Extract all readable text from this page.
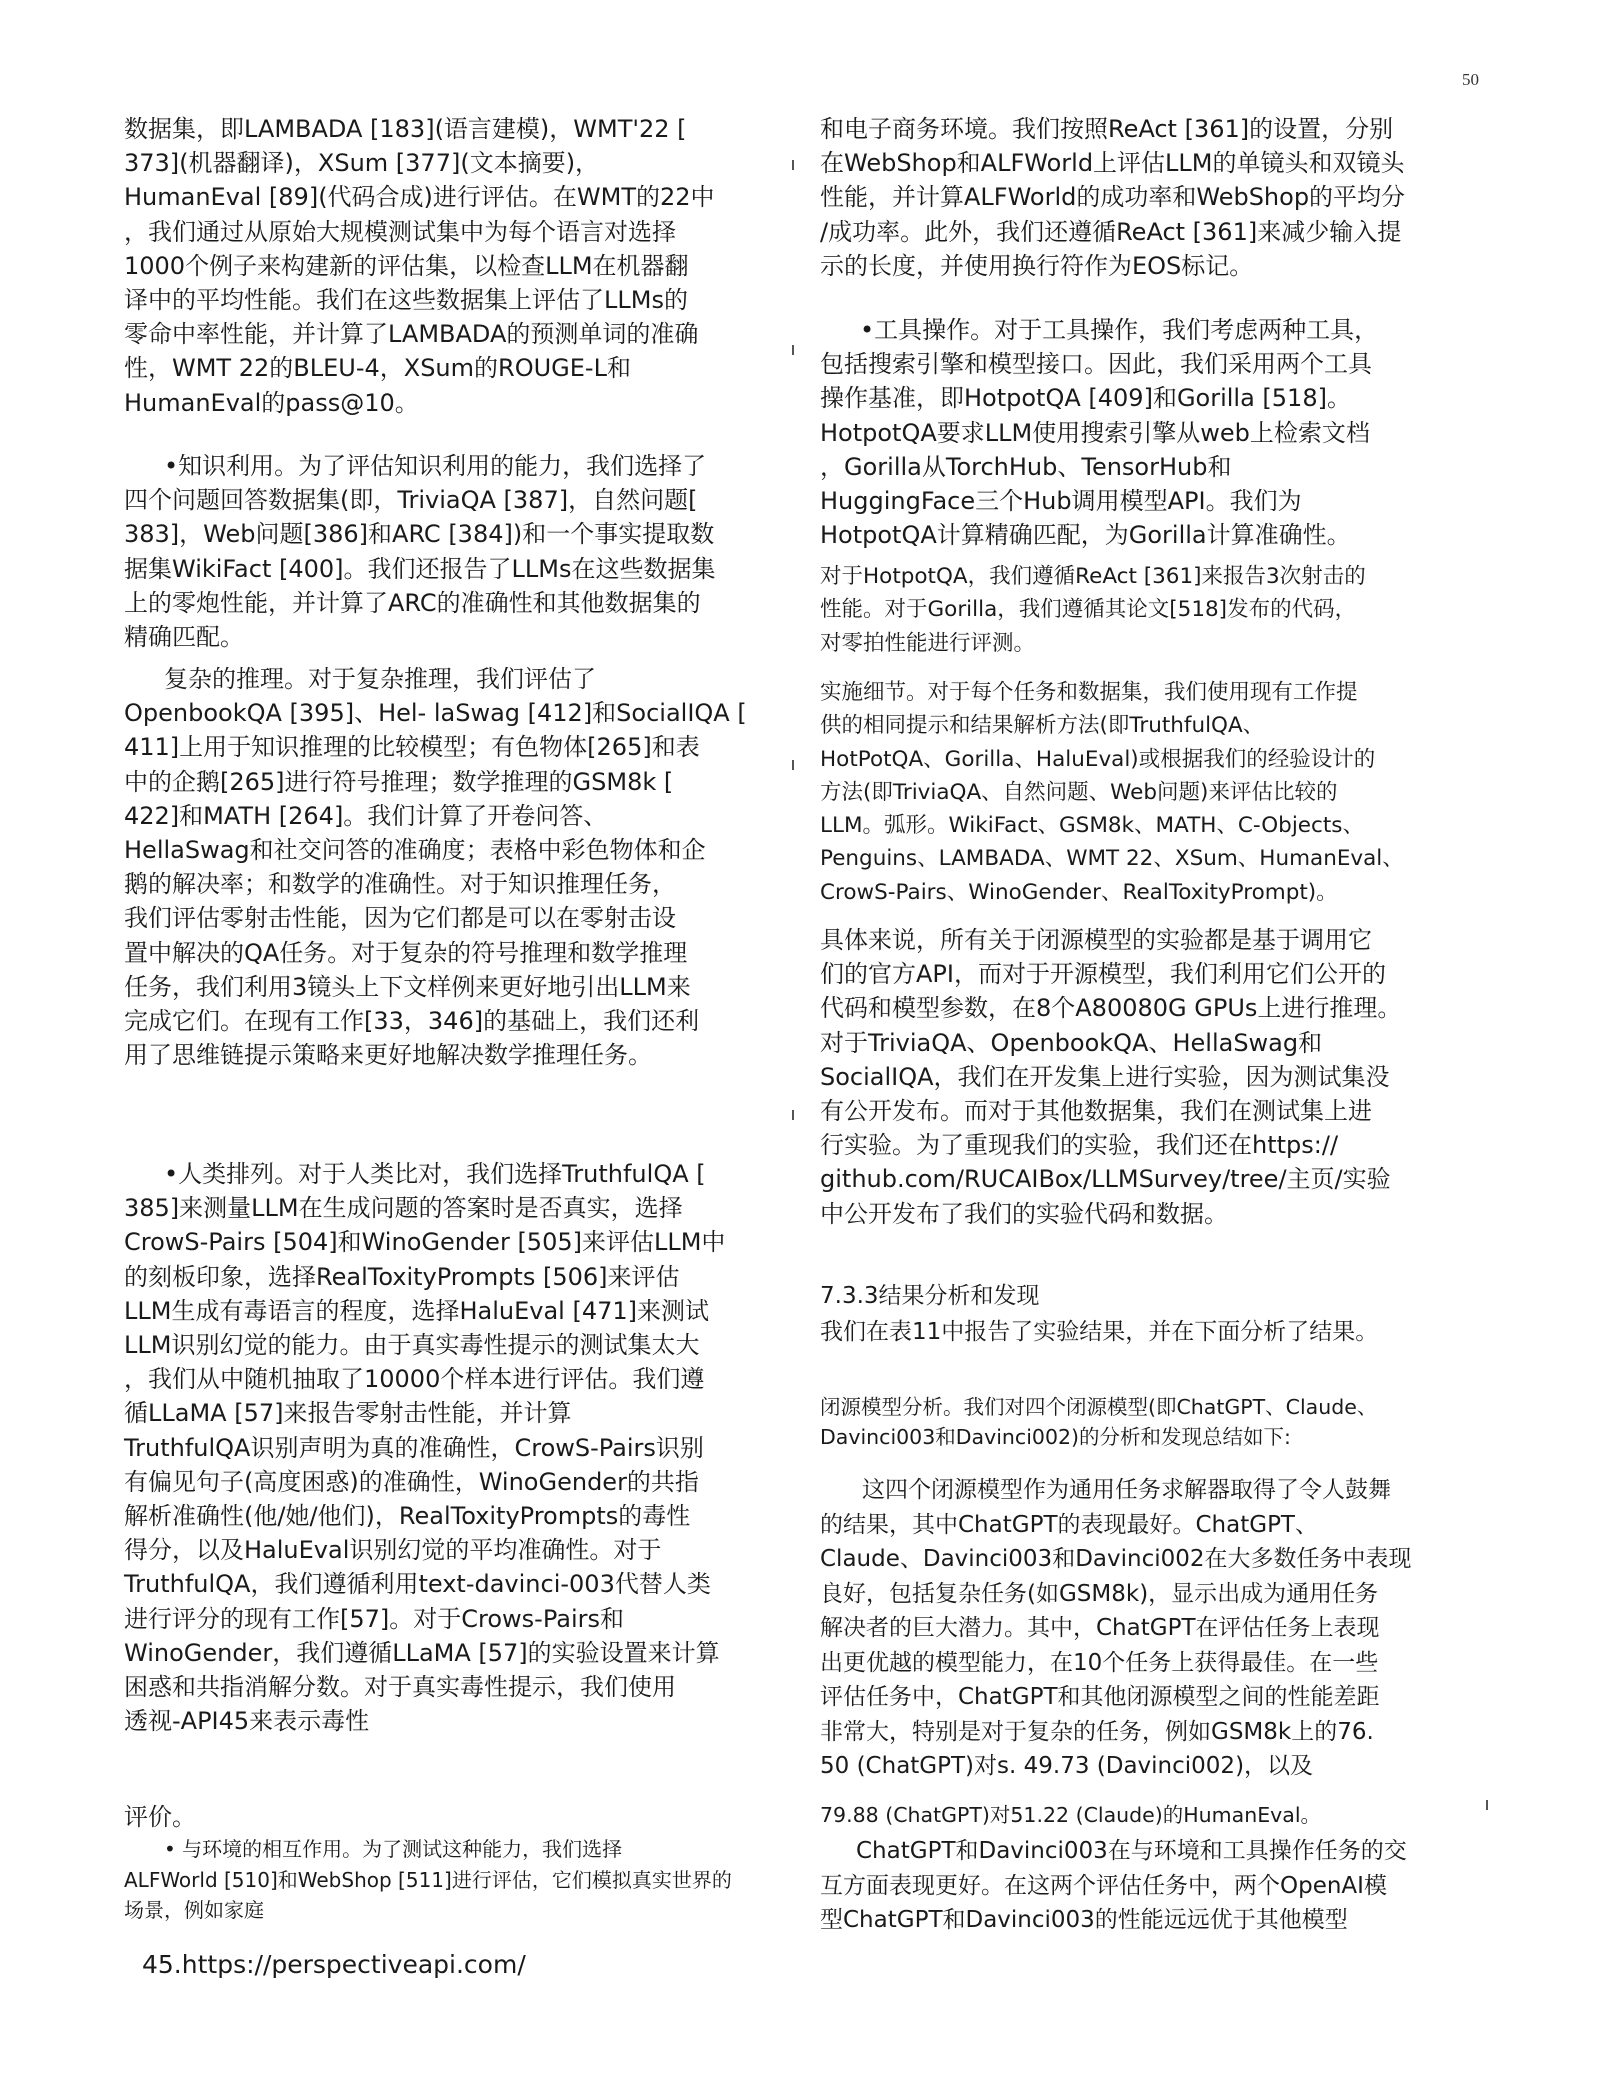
50

数据集，即LAMBADA [183](语言建模)，WMT'22 [

373](机器翻译)，XSum [377](文本摘要)，

HumanEval [89](代码合成)进行评估。在WMT的22中

，我们通过从原始大规模测试集中为每个语言对选择

1000个例子来构建新的评估集，以检查LLM在机器翻

译中的平均性能。我们在这些数据集上评估了LLMs的

零命中率性能，并计算了LAMBADA的预测单词的准确

性，WMT 22的BLEU-4，XSum的ROUGE-L和

HumanEval的pass@10。

•知识利用。为了评估知识利用的能力，我们选择了

四个问题回答数据集(即，TriviaQA [387]，自然问题[

383]，Web问题[386]和ARC [384])和一个事实提取数

据集WikiFact [400]。我们还报告了LLMs在这些数据集

上的零炮性能，并计算了ARC的准确性和其他数据集的

精确匹配。

复杂的推理。对于复杂推理，我们评估了

OpenbookQA [395]、Hel- laSwag [412]和SocialIQA [

411]上用于知识推理的比较模型；有色物体[265]和表

中的企鹅[265]进行符号推理；数学推理的GSM8k [

422]和MATH [264]。我们计算了开卷问答、

HellaSwag和社交问答的准确度；表格中彩色物体和企

鹅的解决率；和数学的准确性。对于知识推理任务，

我们评估零射击性能，因为它们都是可以在零射击设

置中解决的QA任务。对于复杂的符号推理和数学推理

任务，我们利用3镜头上下文样例来更好地引出LLM来

完成它们。在现有工作[33，346]的基础上，我们还利

用了思维链提示策略来更好地解决数学推理任务。

•人类排列。对于人类比对，我们选择TruthfulQA [

385]来测量LLM在生成问题的答案时是否真实，选择

CrowS-Pairs [504]和WinoGender [505]来评估LLM中

的刻板印象，选择RealToxityPrompts [506]来评估

LLM生成有毒语言的程度，选择HaluEval [471]来测试

LLM识别幻觉的能力。由于真实毒性提示的测试集太大

，我们从中随机抽取了10000个样本进行评估。我们遵

循LLaMA [57]来报告零射击性能，并计算

TruthfulQA识别声明为真的准确性，CrowS-Pairs识别

有偏见句子(高度困惑)的准确性，WinoGender的共指

解析准确性(他/她/他们)，RealToxityPrompts的毒性

得分，以及HaluEval识别幻觉的平均准确性。对于

TruthfulQA，我们遵循利用text-davinci-003代替人类

进行评分的现有工作[57]。对于Crows-Pairs和

WinoGender，我们遵循LLaMA [57]的实验设置来计算

困惑和共指消解分数。对于真实毒性提示，我们使用

透视-API45来表示毒性

评价。

• 与环境的相互作用。为了测试这种能力，我们选择

ALFWorld [510]和WebShop [511]进行评估，它们模拟真实世界的

场景，例如家庭

45.https://perspectiveapi.com/

和电子商务环境。我们按照ReAct [361]的设置，分别

在WebShop和ALFWorld上评估LLM的单镜头和双镜头

性能，并计算ALFWorld的成功率和WebShop的平均分

/成功率。此外，我们还遵循ReAct [361]来减少输入提

示的长度，并使用换行符作为EOS标记。

•工具操作。对于工具操作，我们考虑两种工具，

包括搜索引擎和模型接口。因此，我们采用两个工具

操作基准，即HotpotQA [409]和Gorilla [518]。

HotpotQA要求LLM使用搜索引擎从web上检索文档

，Gorilla从TorchHub、TensorHub和

HuggingFace三个Hub调用模型API。我们为

HotpotQA计算精确匹配，为Gorilla计算准确性。

对于HotpotQA，我们遵循ReAct [361]来报告3次射击的

性能。对于Gorilla，我们遵循其论文[518]发布的代码，

对零拍性能进行评测。

实施细节。对于每个任务和数据集，我们使用现有工作提

供的相同提示和结果解析方法(即TruthfulQA、

HotPotQA、Gorilla、HaluEval)或根据我们的经验设计的

方法(即TriviaQA、自然问题、Web问题)来评估比较的

LLM。弧形。WikiFact、GSM8k、MATH、C-Objects、

Penguins、LAMBADA、WMT 22、XSum、HumanEval、

CrowS-Pairs、WinoGender、RealToxityPrompt)。

具体来说，所有关于闭源模型的实验都是基于调用它

们的官方API，而对于开源模型，我们利用它们公开的

代码和模型参数，在8个A80080G GPUs上进行推理。

对于TriviaQA、OpenbookQA、HellaSwag和

SocialIQA，我们在开发集上进行实验，因为测试集没

有公开发布。而对于其他数据集，我们在测试集上进

行实验。为了重现我们的实验，我们还在https://

github.com/RUCAIBox/LLMSurvey/tree/主页/实验

中公开发布了我们的实验代码和数据。

7.3.3结果分析和发现

我们在表11中报告了实验结果，并在下面分析了结果。

闭源模型分析。我们对四个闭源模型(即ChatGPT、Claude、

Davinci003和Davinci002)的分析和发现总结如下:

这四个闭源模型作为通用任务求解器取得了令人鼓舞

的结果，其中ChatGPT的表现最好。ChatGPT、

Claude、Davinci003和Davinci002在大多数任务中表现

良好，包括复杂任务(如GSM8k)，显示出成为通用任务

解决者的巨大潜力。其中，ChatGPT在评估任务上表现

出更优越的模型能力，在10个任务上获得最佳。在一些

评估任务中，ChatGPT和其他闭源模型之间的性能差距

非常大，特别是对于复杂的任务，例如GSM8k上的76.

50 (ChatGPT)对s. 49.73 (Davinci002)，以及

79.88 (ChatGPT)对51.22 (Claude)的HumanEval。

ChatGPT和Davinci003在与环境和工具操作任务的交

互方面表现更好。在这两个评估任务中，两个OpenAI模

型ChatGPT和Davinci003的性能远远优于其他模型
